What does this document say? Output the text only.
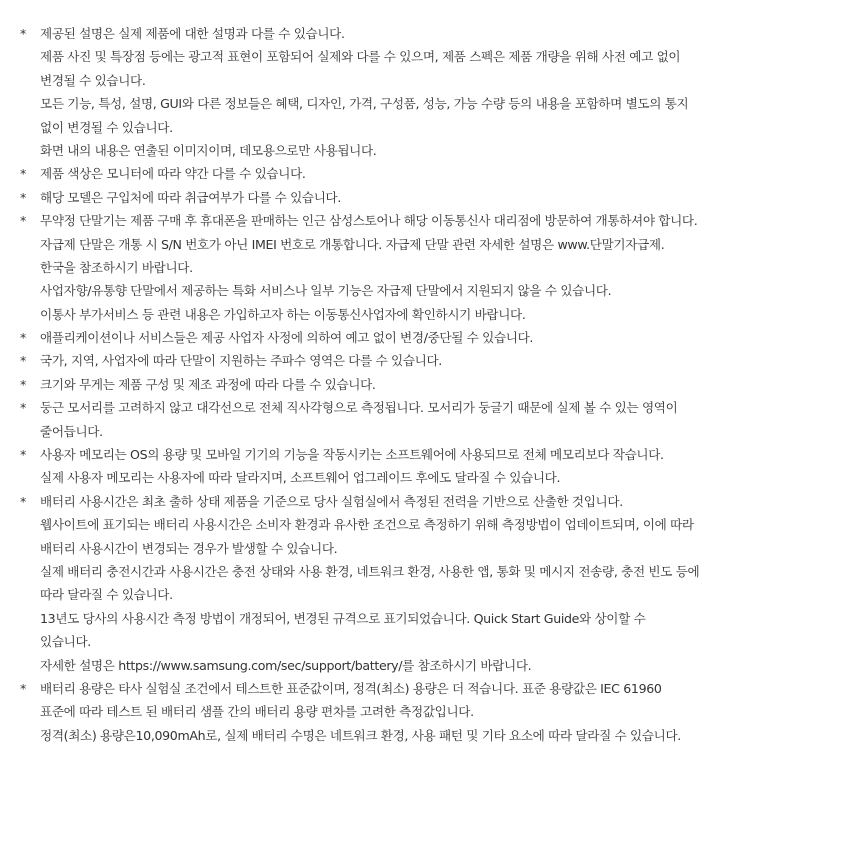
*	제공된 설명은 실제 제품에 대한 설명과 다를 수 있습니다.
제품 사진 및 특장점 등에는 광고적 표현이 포함되어 실제와 다를 수 있으며, 제품 스펙은 제품 개량을 위해 사전 예고 없이
변경될 수 있습니다.
모든 기능, 특성, 설명, GUI와 다른 정보들은 혜택, 디자인, 가격, 구성품, 성능, 가능 수량 등의 내용을 포함하며 별도의 통지
없이 변경될 수 있습니다.
화면 내의 내용은 연출된 이미지이며, 데모용으로만 사용됩니다.
*	제품 색상은 모니터에 따라 약간 다를 수 있습니다.
*	해당 모델은 구입처에 따라 취급여부가 다를 수 있습니다.
*	무약정 단말기는 제품 구매 후 휴대폰을 판매하는 인근 삼성스토어나 해당 이동통신사 대리점에 방문하여 개통하셔야 합니다.
자급제 단말은 개통 시 S/N 번호가 아닌 IMEI 번호로 개통합니다. 자급제 단말 관련 자세한 설명은 www.단말기자급제.
한국을 참조하시기 바랍니다.
사업자향/유통향 단말에서 제공하는 특화 서비스나 일부 기능은 자급제 단말에서 지원되지 않을 수 있습니다.
이통사 부가서비스 등 관련 내용은 가입하고자 하는 이동통신사업자에 확인하시기 바랍니다.
*	애플리케이션이나 서비스들은 제공 사업자 사정에 의하여 예고 없이 변경/중단될 수 있습니다.
*	국가, 지역, 사업자에 따라 단말이 지원하는 주파수 영역은 다를 수 있습니다.
*	크기와 무게는 제품 구성 및 제조 과정에 따라 다를 수 있습니다.
*	둥근 모서리를 고려하지 않고 대각선으로 전체 직사각형으로 측정됩니다. 모서리가 둥글기 때문에 실제 볼 수 있는 영역이
줄어듭니다.
*	사용자 메모리는 OS의 용량 및 모바일 기기의 기능을 작동시키는 소프트웨어에 사용되므로 전체 메모리보다 작습니다.
실제 사용자 메모리는 사용자에 따라 달라지며, 소프트웨어 업그레이드 후에도 달라질 수 있습니다.
*	배터리 사용시간은 최초 출하 상태 제품을 기준으로 당사 실험실에서 측정된 전력을 기반으로 산출한 것입니다.
웹사이트에 표기되는 배터리 사용시간은 소비자 환경과 유사한 조건으로 측정하기 위해 측정방법이 업데이트되며, 이에 따라
배터리 사용시간이 변경되는 경우가 발생할 수 있습니다.
실제 배터리 충전시간과 사용시간은 충전 상태와 사용 환경, 네트워크 환경, 사용한 앱, 통화 및 메시지 전송량, 충전 빈도 등에
따라 달라질 수 있습니다.
13년도 당사의 사용시간 측정 방법이 개정되어, 변경된 규격으로 표기되었습니다. Quick Start Guide와 상이할 수
있습니다.
자세한 설명은 https://www.samsung.com/sec/support/battery/를 참조하시기 바랍니다.
*	배터리 용량은 타사 실험실 조건에서 테스트한 표준값이며, 정격(최소) 용량은 더 적습니다. 표준 용량값은 IEC 61960
표준에 따라 테스트 된 배터리 샘플 간의 배터리 용량 편차를 고려한 측정값입니다.
정격(최소) 용량은10,090mAh로, 실제 배터리 수명은 네트워크 환경, 사용 패턴 및 기타 요소에 따라 달라질 수 있습니다.
